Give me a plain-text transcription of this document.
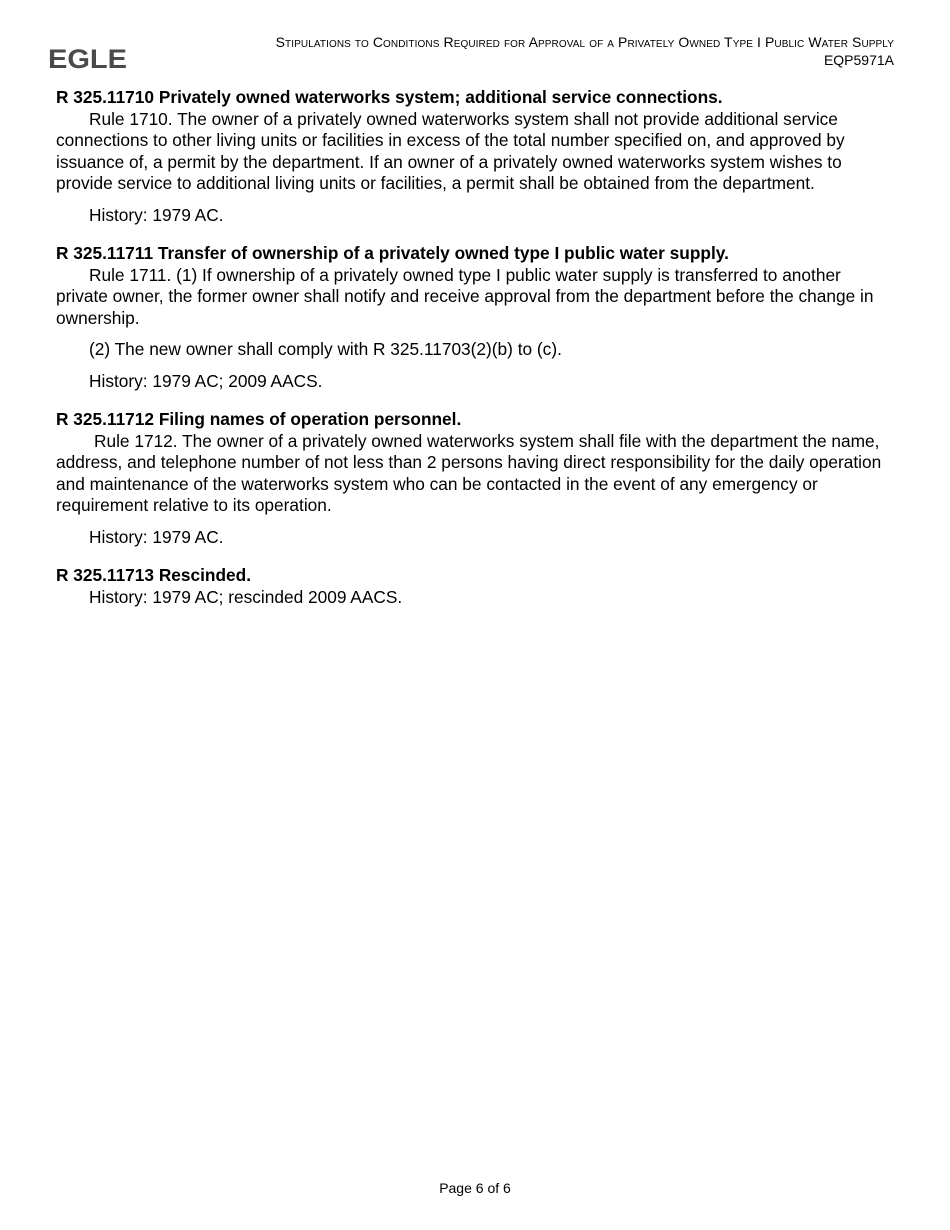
EGLE
Stipulations to Conditions Required for Approval of a Privately Owned Type I Public Water Supply
EQP5971A

R 325.11710 Privately owned waterworks system; additional service connections.

Rule 1710. The owner of a privately owned waterworks system shall not provide additional service connections to other living units or facilities in excess of the total number specified on, and approved by issuance of, a permit by the department. If an owner of a privately owned waterworks system wishes to provide service to additional living units or facilities, a permit shall be obtained from the department.

History: 1979 AC.

R 325.11711 Transfer of ownership of a privately owned type I public water supply.

Rule 1711. (1) If ownership of a privately owned type I public water supply is transferred to another private owner, the former owner shall notify and receive approval from the department before the change in ownership.

(2) The new owner shall comply with R 325.11703(2)(b) to (c).

History: 1979 AC; 2009 AACS.

R 325.11712 Filing names of operation personnel.

Rule 1712. The owner of a privately owned waterworks system shall file with the department the name, address, and telephone number of not less than 2 persons having direct responsibility for the daily operation and maintenance of the waterworks system who can be contacted in the event of any emergency or requirement relative to its operation.

History: 1979 AC.

R 325.11713 Rescinded.

History: 1979 AC; rescinded 2009 AACS.

Page 6 of 6
